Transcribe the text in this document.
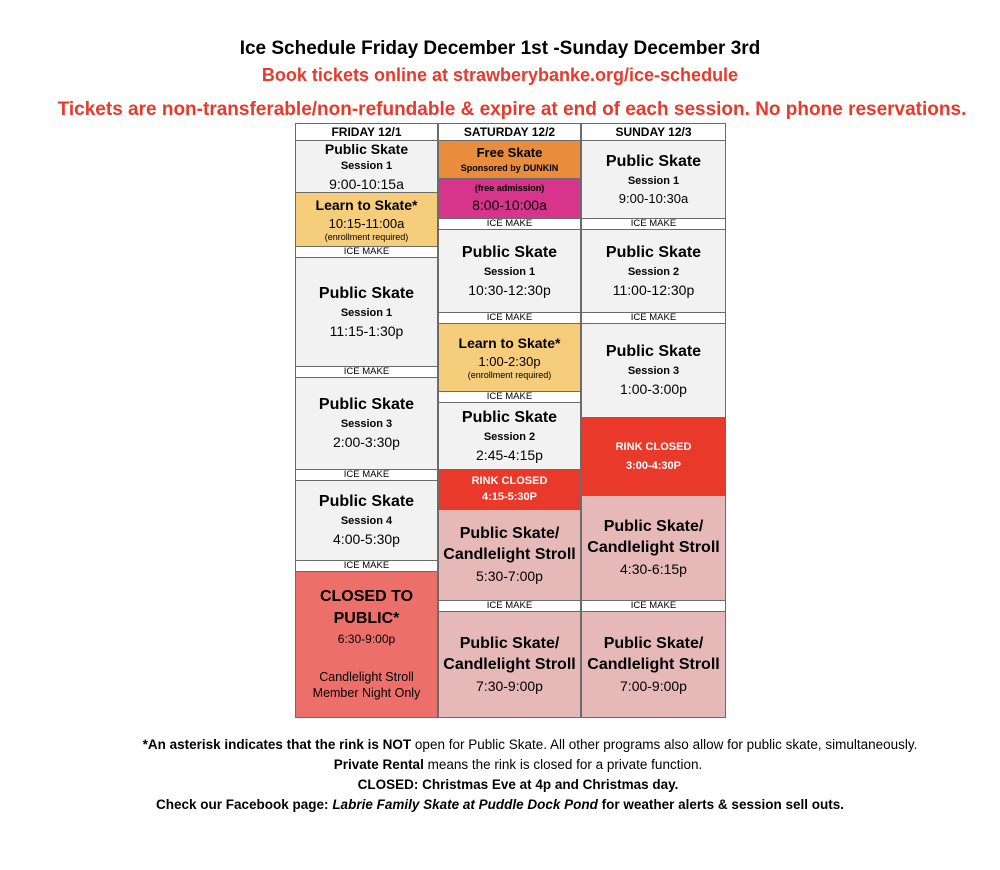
Ice Schedule Friday December 1st -Sunday December 3rd
Book tickets online at strawberybanke.org/ice-schedule
Tickets are non-transferable/non-refundable & expire at end of each session. No phone reservations.
FRIDAY 12/1
Public Skate
Session 1
9:00-10:15a
Learn to Skate*
10:15-11:00a
(enrollment required)
ICE MAKE
Public Skate
Session 1
11:15-1:30p
ICE MAKE
Public Skate
Session 3
2:00-3:30p
ICE MAKE
Public Skate
Session 4
4:00-5:30p
ICE MAKE
CLOSED TO
PUBLIC*
6:30-9:00p
Candlelight Stroll
Member Night Only
SATURDAY 12/2
Free Skate
Sponsored by DUNKIN
(free admission)
8:00-10:00a
ICE MAKE
Public Skate
Session 1
10:30-12:30p
ICE MAKE
Learn to Skate*
1:00-2:30p
(enrollment required)
ICE MAKE
Public Skate
Session 2
2:45-4:15p
RINK CLOSED
4:15-5:30P
Public Skate/
Candlelight Stroll
5:30-7:00p
ICE MAKE
Public Skate/
Candlelight Stroll
7:30-9:00p
SUNDAY 12/3
Public Skate
Session 1
9:00-10:30a
ICE MAKE
Public Skate
Session 2
11:00-12:30p
ICE MAKE
Public Skate
Session 3
1:00-3:00p
RINK CLOSED
3:00-4:30P
Public Skate/
Candlelight Stroll
4:30-6:15p
ICE MAKE
Public Skate/
Candlelight Stroll
7:00-9:00p
*An asterisk indicates that the rink is NOT open for Public Skate. All other programs also allow for public skate, simultaneously.
Private Rental means the rink is closed for a private function.
CLOSED: Christmas Eve at 4p and Christmas day.
Check our Facebook page: Labrie Family Skate at Puddle Dock Pond for weather alerts & session sell outs.
